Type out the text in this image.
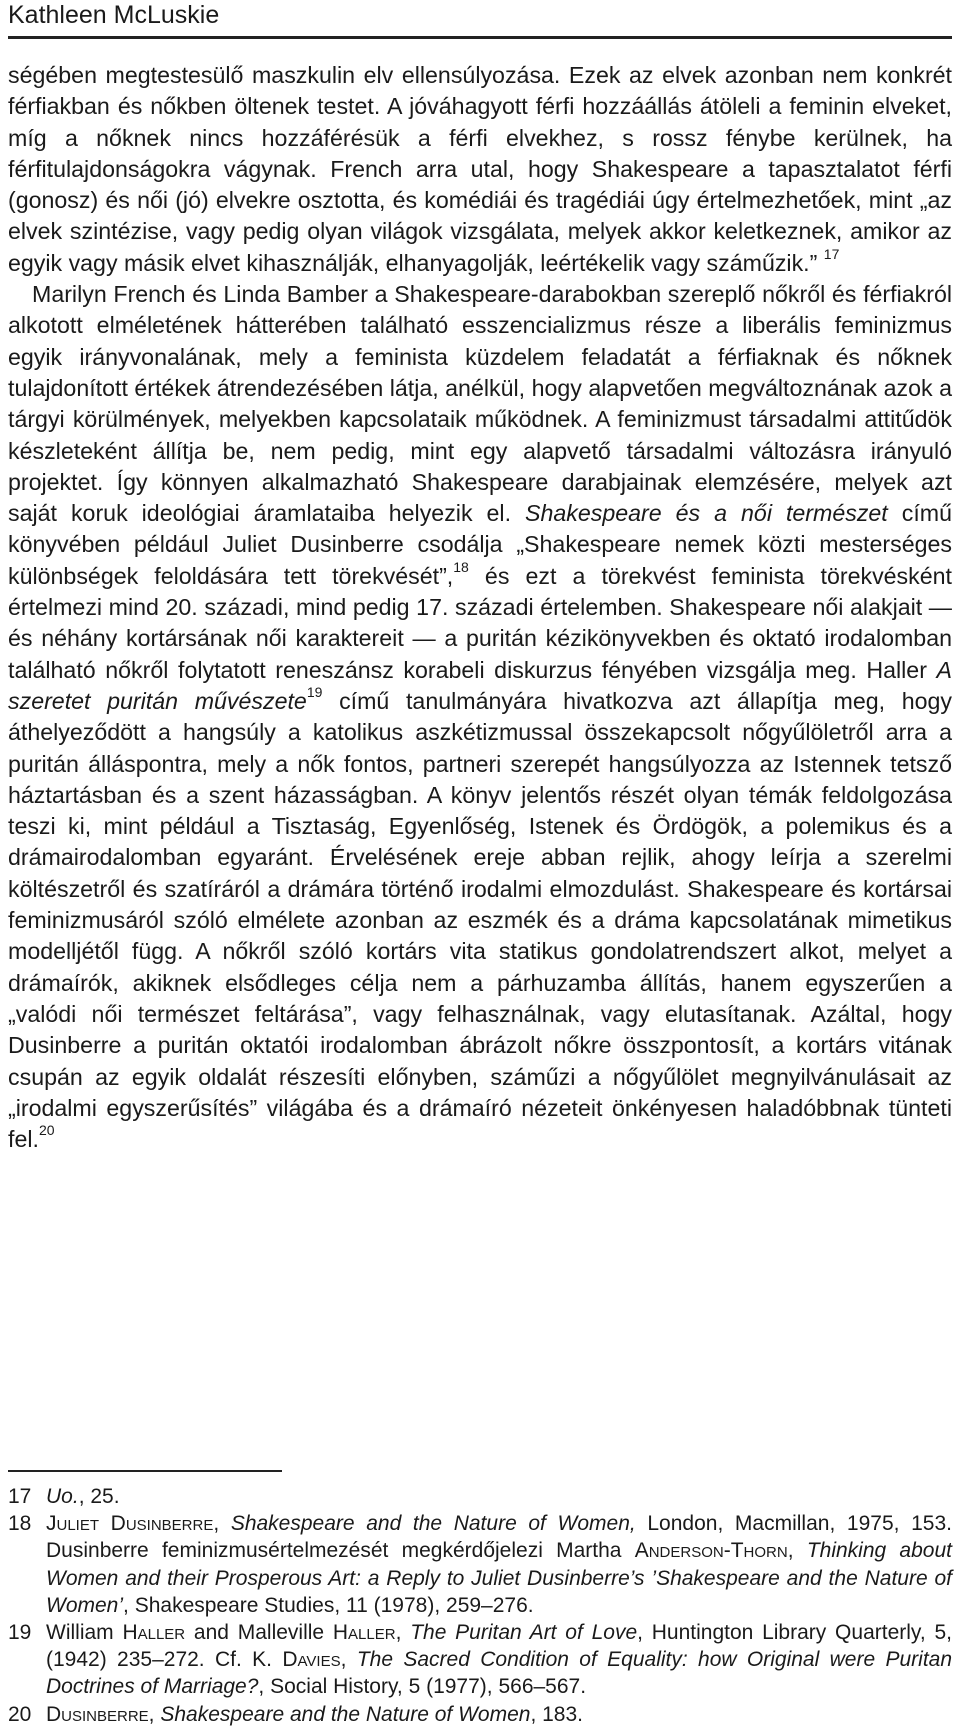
Kathleen McLuskie

ségében megtestesülő maszkulin elv ellensúlyozása. Ezek az elvek azonban nem konkrét férfiakban és nőkben öltenek testet. A jóváhagyott férfi hozzáállás átöleli a feminin elveket, míg a nőknek nincs hozzáférésük a férfi elvekhez, s rossz fénybe kerülnek, ha férfitulajdonságokra vágynak. French arra utal, hogy Shakespeare a tapasztalatot férfi (gonosz) és női (jó) elvekre osztotta, és komédiái és tragédiái úgy értelmezhetőek, mint „az elvek szintézise, vagy pedig olyan világok vizsgálata, melyek akkor keletkeznek, amikor az egyik vagy másik elvet kihasználják, elhanyagolják, leértékelik vagy száműzik.” $^{17}$

Marilyn French és Linda Bamber a Shakespeare-darabokban szereplő nőkről és férfiakról alkotott elméletének hátterében található esszencializmus része a liberális feminizmus egyik irányvonalának, mely a feminista küzdelem feladatát a férfiaknak és nőknek tulajdonított értékek átrendezésében látja, anélkül, hogy alapvetően megváltoznának azok a tárgyi körülmények, melyekben kapcsolataik működnek. A feminizmust társadalmi attitűdök készleteként állítja be, nem pedig, mint egy alapvető társadalmi változásra irányuló projektet. Így könnyen alkalmazható Shakespeare darabjainak elemzésére, melyek azt saját koruk ideológiai áramlataiba helyezik el. Shakespeare és a női természet című könyvében például Juliet Dusinberre csodálja „Shakespeare nemek közti mesterséges különbségek feloldására tett törekvését”,$^{18}$ és ezt a törekvést feminista törekvésként értelmezi mind 20. századi, mind pedig 17. századi értelemben. Shakespeare női alakjait — és néhány kortársának női karaktereit — a puritán kézikönyvekben és oktató irodalomban található nőkről folytatott reneszánsz korabeli diskurzus fényében vizsgálja meg. Haller A szeretet puritán művészete$^{19}$ című tanulmányára hivatkozva azt állapítja meg, hogy áthelyeződött a hangsúly a katolikus aszkétizmussal összekapcsolt nőgyűlöletről arra a puritán álláspontra, mely a nők fontos, partneri szerepét hangsúlyozza az Istennek tetsző háztartásban és a szent házasságban. A könyv jelentős részét olyan témák feldolgozása teszi ki, mint például a Tisztaság, Egyenlőség, Istenek és Ördögök, a polemikus és a drámairodalomban egyaránt. Érvelésének ereje abban rejlik, ahogy leírja a szerelmi költészetről és szatíráról a drámára történő irodalmi elmozdulást. Shakespeare és kortársai feminizmusáról szóló elmélete azonban az eszmék és a dráma kapcsolatának mimetikus modelljétől függ. A nőkről szóló kortárs vita statikus gondolatrendszert alkot, melyet a drámaírók, akiknek elsődleges célja nem a párhuzamba állítás, hanem egyszerűen a „valódi női természet feltárása”, vagy felhasználnak, vagy elutasítanak. Azáltal, hogy Dusinberre a puritán oktatói irodalomban ábrázolt nőkre összpontosít, a kortárs vitának csupán az egyik oldalát részesíti előnyben, száműzi a nőgyűlölet megnyilvánulásait az „irodalmi egyszerűsítés” világába és a drámaíró nézeteit önkényesen haladóbbnak tünteti fel.$^{20}$

17 Uo., 25.

18 Juliet Dusinberre, Shakespeare and the Nature of Women, London, Macmillan, 1975, 153. Dusinberre feminizmusértelmezését megkérdőjelezi Martha Anderson-Thorn, Thinking about Women and their Prosperous Art: a Reply to Juliet Dusinberre’s ’Shakespeare and the Nature of Women’, Shakespeare Studies, 11 (1978), 259–276.

19 William Haller and Malleville Haller, The Puritan Art of Love, Huntington Library Quarterly, 5, (1942) 235–272. Cf. K. Davies, The Sacred Condition of Equality: how Original were Puritan Doctrines of Marriage?, Social History, 5 (1977), 566–567.

20 Dusinberre, Shakespeare and the Nature of Women, 183.
